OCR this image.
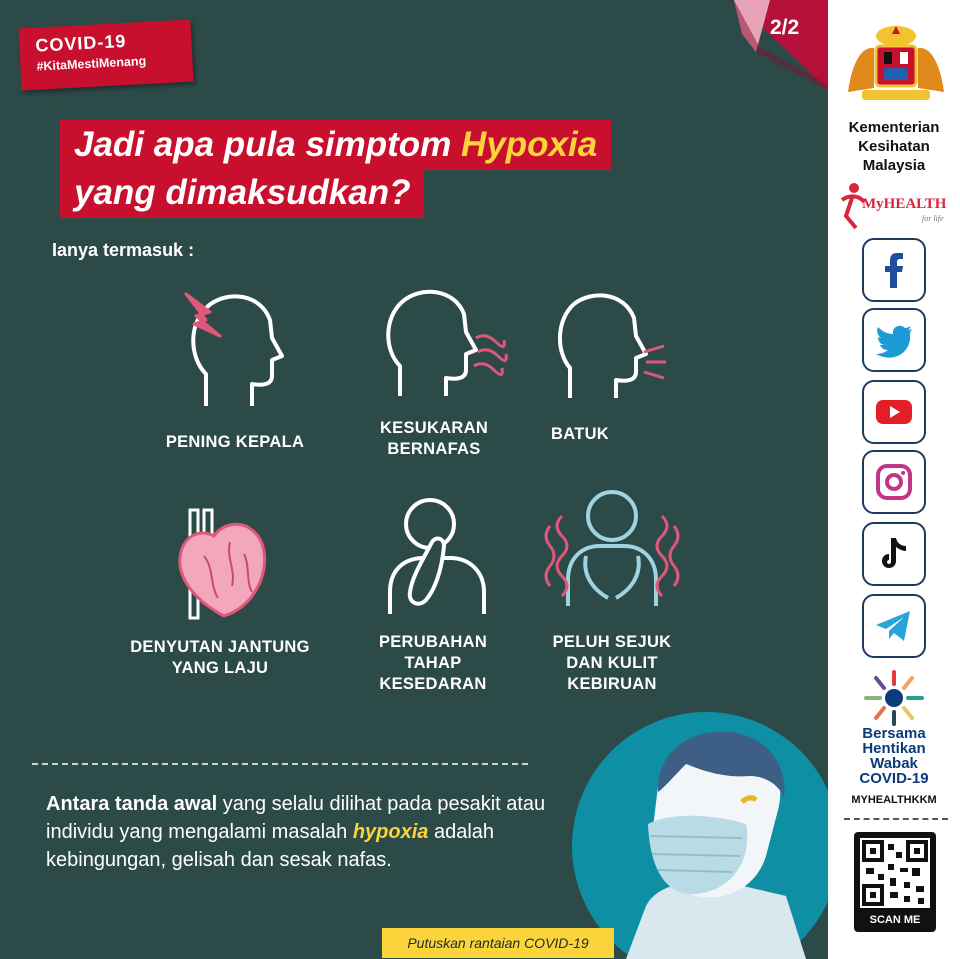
COVID-19
#KitaMestiMenang
2/2
Jadi apa pula simptom Hypoxia
yang dimaksudkan?
Ianya termasuk :
PENING KEPALA
KESUKARAN
BERNAFAS
BATUK
DENYUTAN JANTUNG
YANG LAJU
PERUBAHAN
TAHAP
KESEDARAN
PELUH SEJUK
DAN KULIT
KEBIRUAN
Antara tanda awal yang selalu dilihat pada pesakit atau individu yang mengalami masalah hypoxia adalah kebingungan, gelisah dan sesak nafas.
Putuskan rantaian COVID-19
Kementerian
Kesihatan
Malaysia
MyHEALTH
for life
Bersama
Hentikan
Wabak
COVID-19
MYHEALTHKKM
SCAN ME
